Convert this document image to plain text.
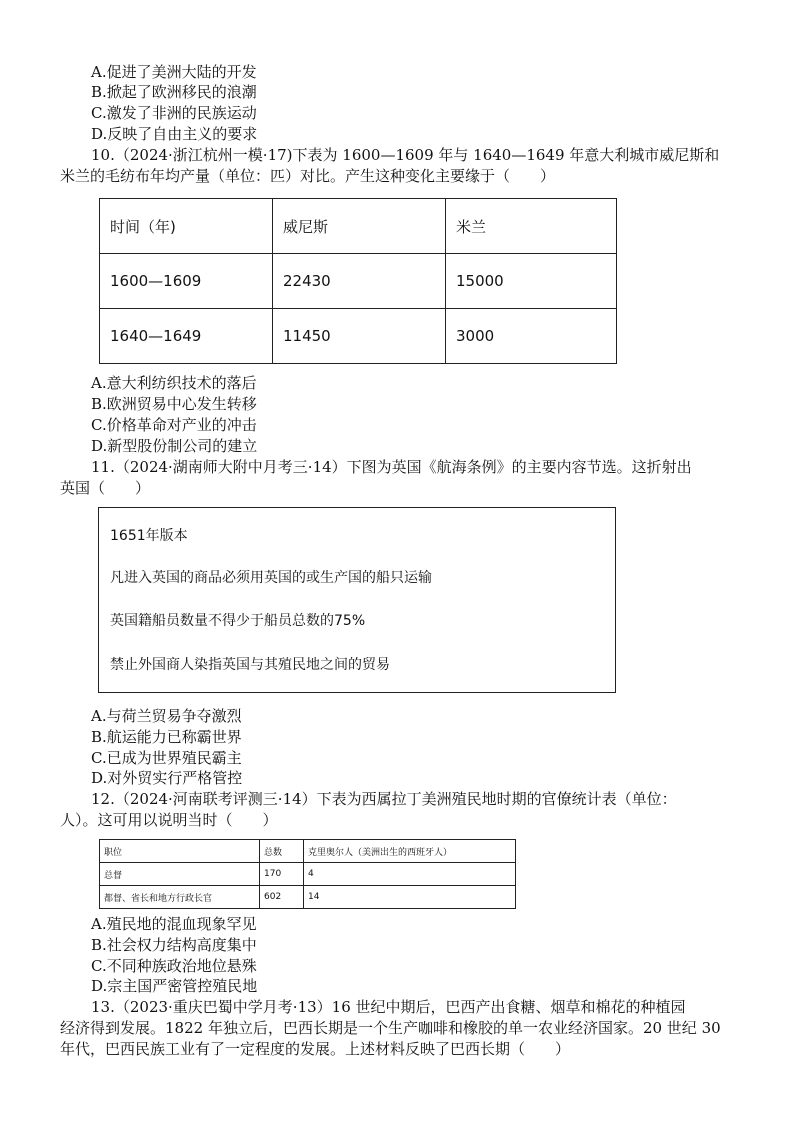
A.促进了美洲大陆的开发
B.掀起了欧洲移民的浪潮
C.激发了非洲的民族运动
D.反映了自由主义的要求
10.（2024·浙江杭州一模·17)下表为 1600—1609 年与 1640—1649 年意大利城市威尼斯和
米兰的毛纺布年均产量（单位：匹）对比。产生这种变化主要缘于（　　）
时间（年)	威尼斯	米兰
1600—1609	22430	15000
1640—1649	11450	3000
A.意大利纺织技术的落后
B.欧洲贸易中心发生转移
C.价格革命对产业的冲击
D.新型股份制公司的建立
11.（2024·湖南师大附中月考三·14）下图为英国《航海条例》的主要内容节选。这折射出
英国（　　）
1651年版本
凡进入英国的商品必须用英国的或生产国的船只运输
英国籍船员数量不得少于船员总数的75%
禁止外国商人染指英国与其殖民地之间的贸易
A.与荷兰贸易争夺激烈
B.航运能力已称霸世界
C.已成为世界殖民霸主
D.对外贸实行严格管控
12.（2024·河南联考评测三·14）下表为西属拉丁美洲殖民地时期的官僚统计表（单位：
人）。这可用以说明当时（　　）
职位	总数	克里奥尔人（美洲出生的西班牙人）
总督	170	4
都督、省长和地方行政长官	602	14
A.殖民地的混血现象罕见
B.社会权力结构高度集中
C.不同种族政治地位悬殊
D.宗主国严密管控殖民地
13.（2023·重庆巴蜀中学月考·13）16 世纪中期后，巴西产出食糖、烟草和棉花的种植园
经济得到发展。1822 年独立后，巴西长期是一个生产咖啡和橡胶的单一农业经济国家。20 世纪 30
年代，巴西民族工业有了一定程度的发展。上述材料反映了巴西长期（　　）
